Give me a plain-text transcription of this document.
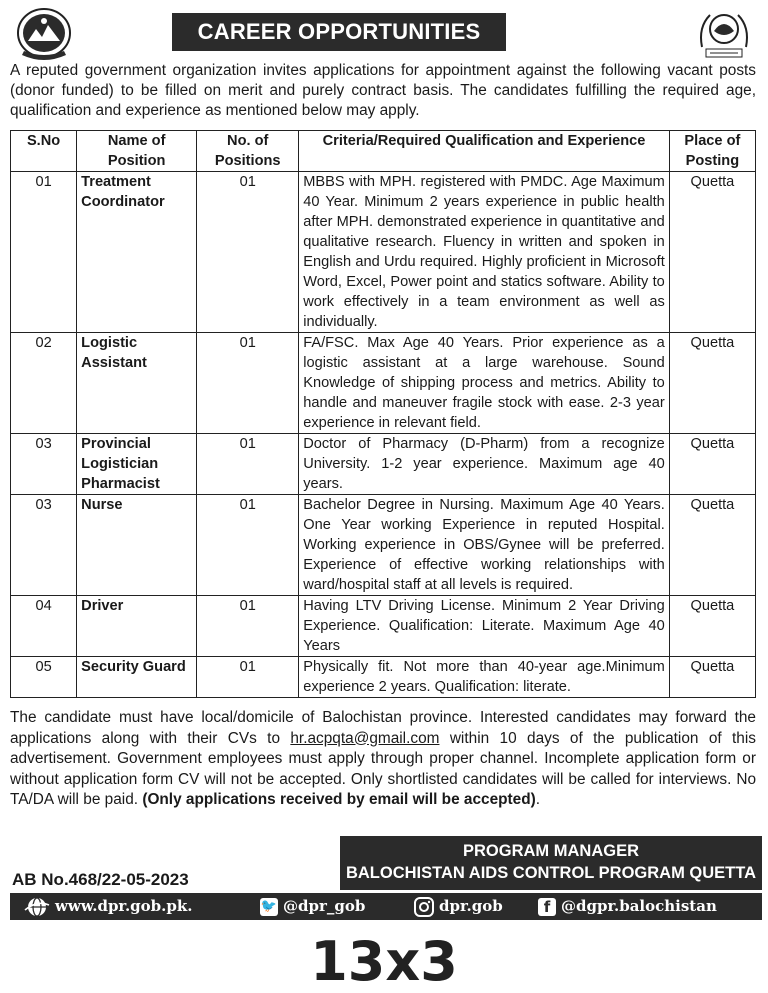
CAREER OPPORTUNITIES
A reputed government organization invites applications for appointment against the following vacant posts (donor funded) to be filled on merit and purely contract basis. The candidates fulfilling the required age, qualification and experience as mentioned below may apply.
S.No	Name of Position	No. of Positions	Criteria/Required Qualification and Experience	Place of Posting
01	Treatment Coordinator	01	MBBS with MPH. registered with PMDC. Age Maximum 40 Year. Minimum 2 years experience in public health after MPH. demonstrated experience in quantitative and qualitative research. Fluency in written and spoken in English and Urdu required. Highly proficient in Microsoft Word, Excel, Power point and statics software. Ability to work effectively in a team environment as well as individually.	Quetta
02	Logistic Assistant	01	FA/FSC. Max Age 40 Years. Prior experience as a logistic assistant at a large warehouse. Sound Knowledge of shipping process and metrics. Ability to handle and maneuver fragile stock with ease. 2-3 year experience in relevant field.	Quetta
03	Provincial Logistician Pharmacist	01	Doctor of Pharmacy (D-Pharm) from a recognize University. 1-2 year experience. Maximum age 40 years.	Quetta
03	Nurse	01	Bachelor Degree in Nursing. Maximum Age 40 Years. One Year working Experience in reputed Hospital. Working experience in OBS/Gynee will be preferred. Experience of effective working relationships with ward/hospital staff at all levels is required.	Quetta
04	Driver	01	Having LTV Driving License. Minimum 2 Year Driving Experience. Qualification: Literate. Maximum Age 40 Years	Quetta
05	Security Guard	01	Physically fit. Not more than 40-year age.Minimum experience 2 years. Qualification: literate.	Quetta
The candidate must have local/domicile of Balochistan province. Interested candidates may forward the applications along with their CVs to hr.acpqta@gmail.com within 10 days of the publication of this advertisement. Government employees must apply through proper channel. Incomplete application form or without application form CV will not be accepted. Only shortlisted candidates will be called for interviews. No TA/DA will be paid. (Only applications received by email will be accepted).
PROGRAM MANAGER
BALOCHISTAN AIDS CONTROL PROGRAM QUETTA
AB No.468/22-05-2023
www.dpr.gob.pk.	🐦 @dpr_gob	dpr.gob	f @dgpr.balochistan
13x3
